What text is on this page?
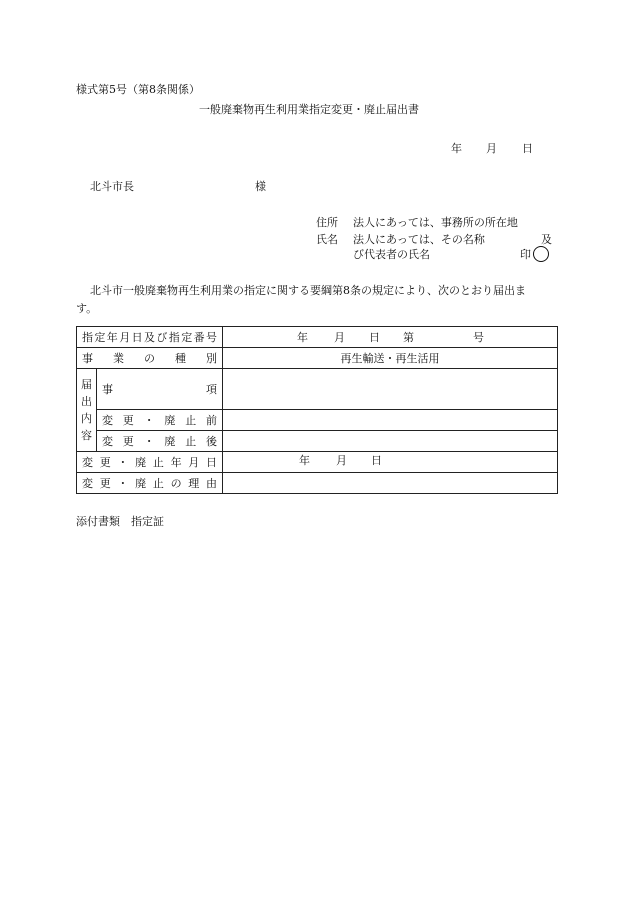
様式第5号（第8条関係）
一般廃棄物再生利用業指定変更・廃止届出書
年 月 日
北斗市長	様
住所 法人にあっては、事務所の所在地
氏名 法人にあっては、その名称	及
び代表者の氏名	印
北斗市一般廃棄物再生利用業の指定に関する要綱第8条の規定により、次のとおり届出ま
す。
指定年月日及び指定番号		年 月 日 第 号

事業の種別		再生輸送・再生活用

届
出
内
容	事項	
	変更・廃止前	
	変更・廃止後	
変更・廃止年月日		年 月 日

変更・廃止の理由		
添付書類　指定証
